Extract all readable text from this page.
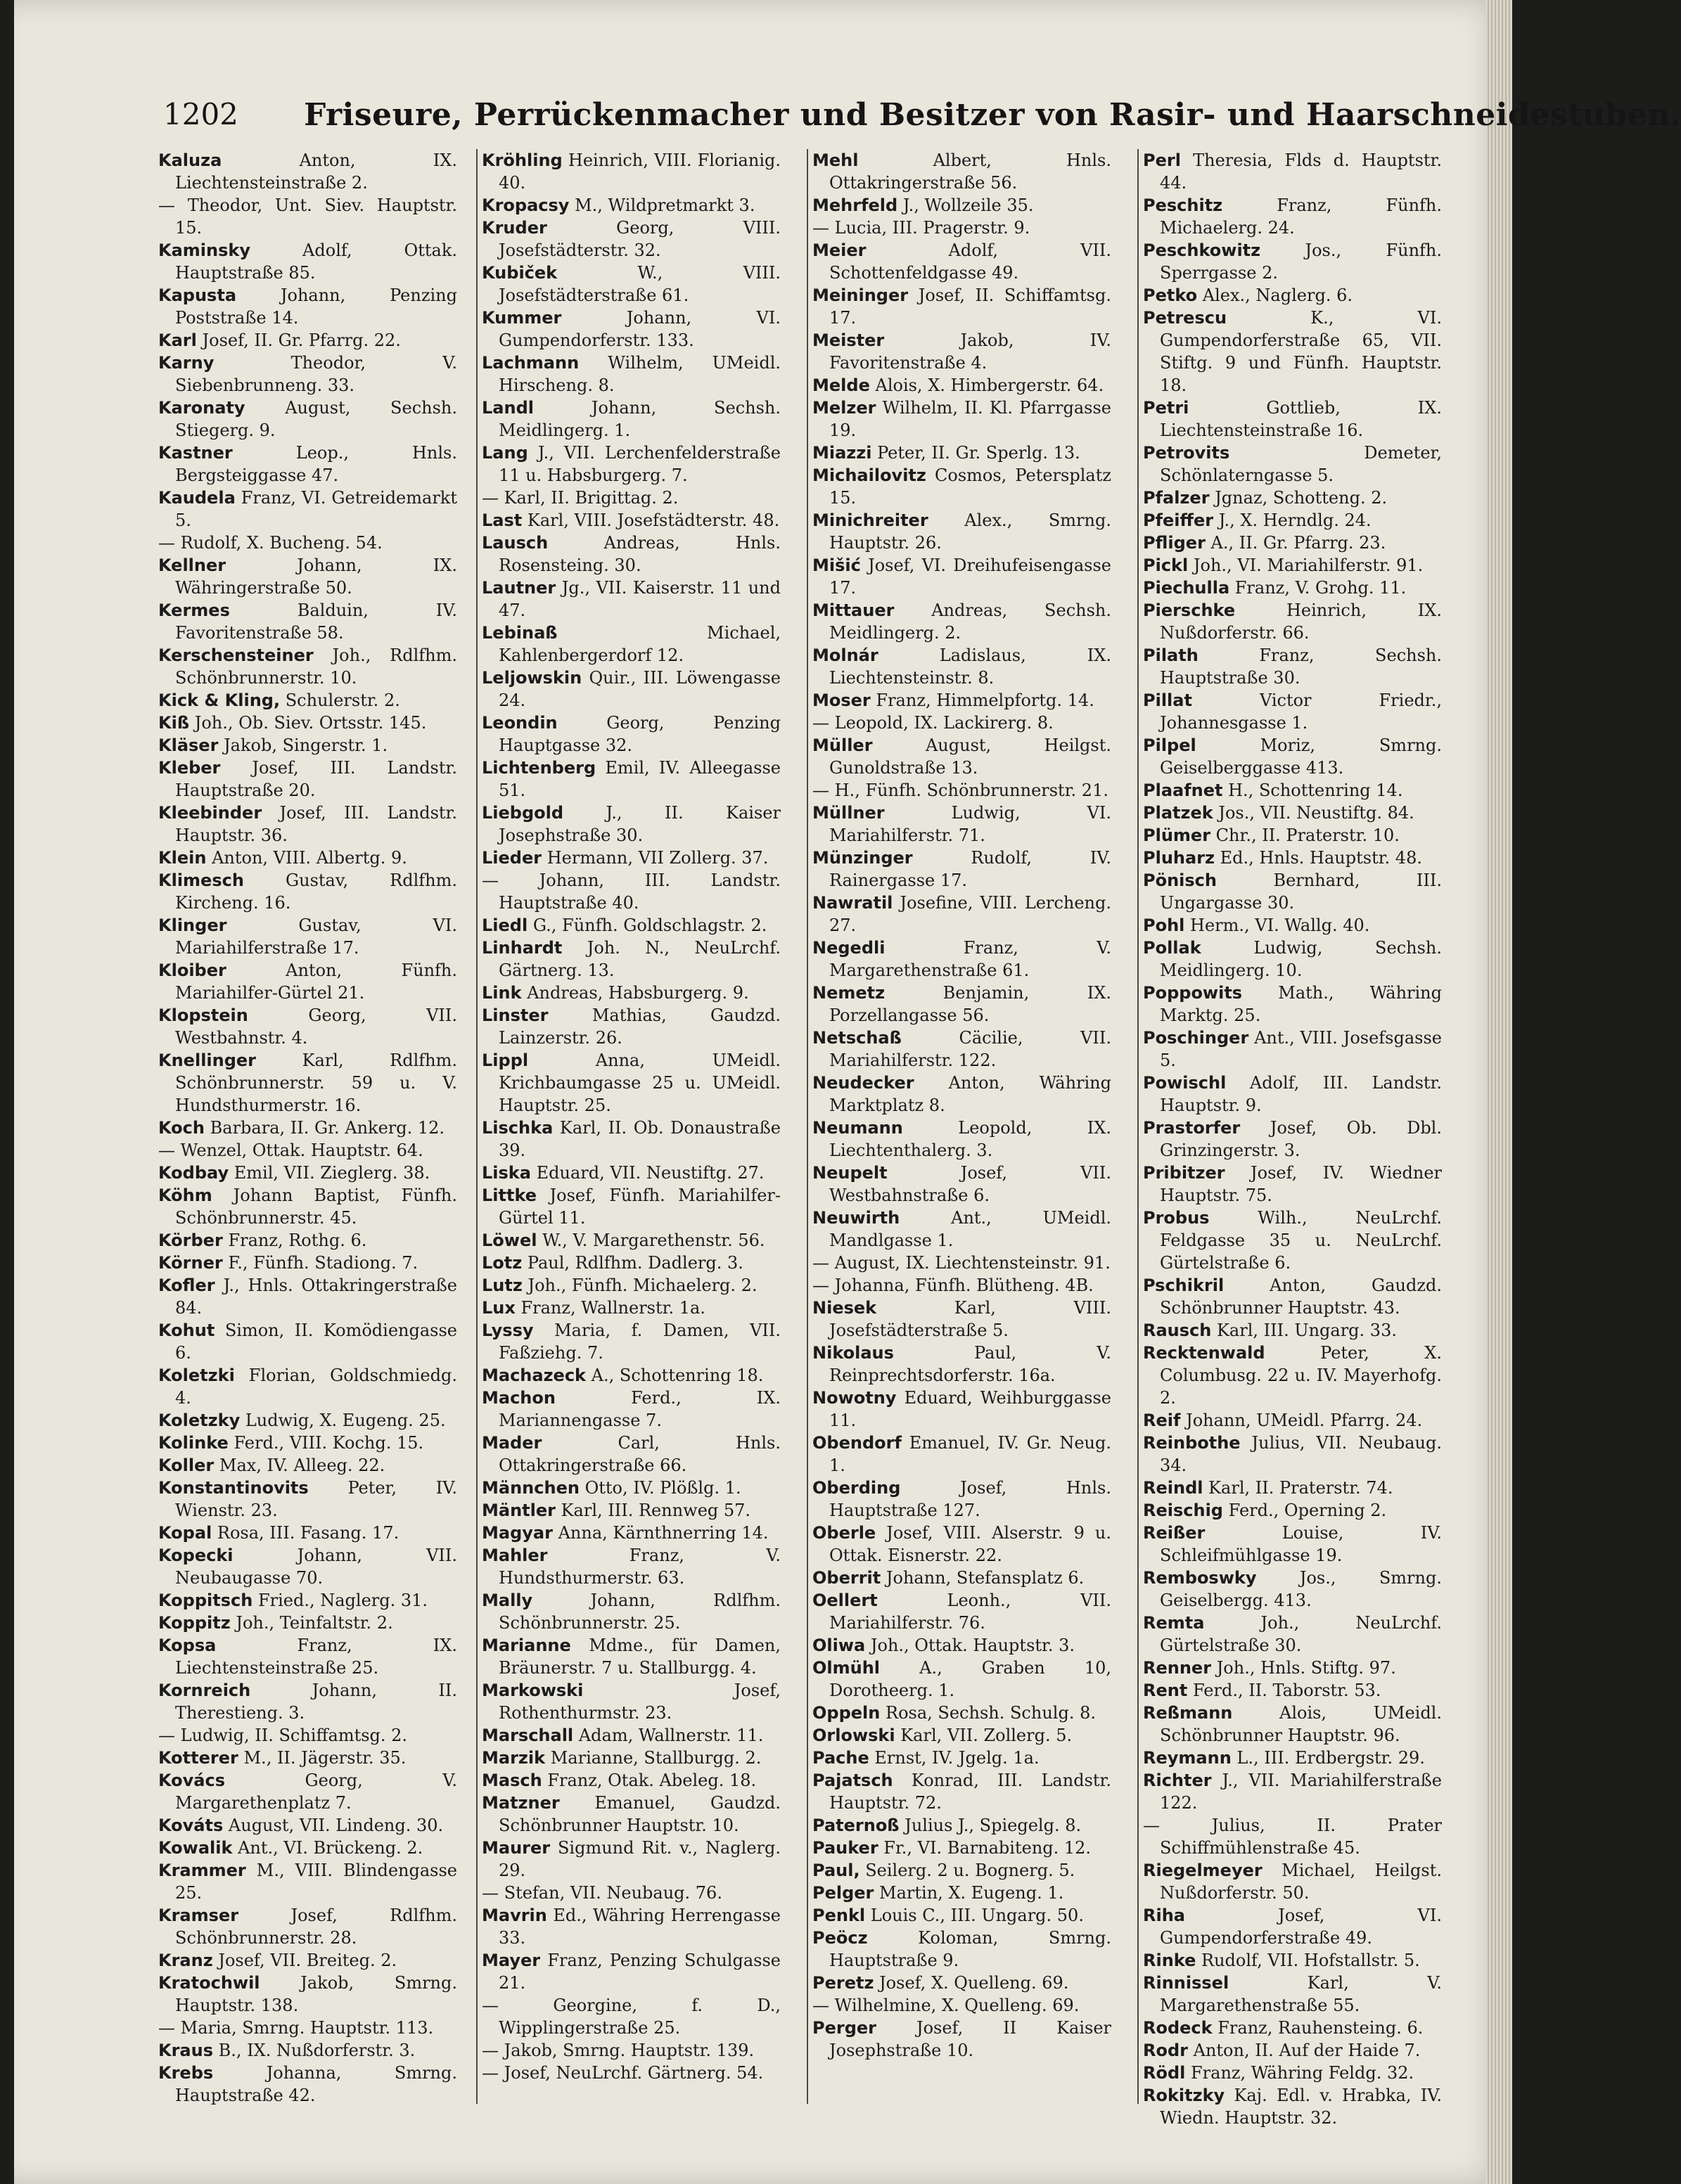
1202 Friseure, Perrückenmacher und Besitzer von Rasir- und Haarschneidestuben.
Kaluza	Anton, IX. Liechtensteinstraße 2.
— Theodor, Unt. Siev. Hauptstr. 15.
Kaminsky	Adolf, Ottak. Hauptstraße 85.
Kapusta	Johann, Penzing Poststraße 14.
Karl Josef, II. Gr. Pfarrg. 22.
Karny	Theodor, V. Siebenbrunneng. 33.
Karonaty August, Sechsh. Stiegerg. 9.
Kastner	Leop., Hnls. Bergsteiggasse 47.
Kaudela Franz, VI. Getreidemarkt 5.
— Rudolf, X. Bucheng. 54.
Kellner	Johann, IX. Währingerstraße 50.
Kermes	Balduin, IV. Favoritenstraße 58.
Kerschensteiner Joh., Rdlfhm. Schönbrunnerstr. 10.
Kick & Kling, Schulerstr. 2.
Kiß Joh., Ob. Siev. Ortsstr. 145.
Kläser Jakob, Singerstr. 1.
Kleber Josef, III. Landstr. Hauptstraße 20.
Kleebinder Josef, III. Landstr. Hauptstr. 36.
Klein Anton, VIII. Albertg. 9.
Klimesch Gustav, Rdlfhm. Kircheng. 16.
Klinger	Gustav, VI. Mariahilferstraße 17.
Kloiber	Anton, Fünfh. Mariahilfer-Gürtel 21.
Klopstein	Georg, VII. Westbahnstr. 4.
Knellinger	Karl, Rdlfhm. Schönbrunnerstr. 59 u. V. Hundsthurmerstr. 16.
Koch Barbara, II. Gr. Ankerg. 12.
— Wenzel, Ottak. Hauptstr. 64.
Kodbay Emil, VII. Zieglerg. 38.
Köhm Johann Baptist, Fünfh. Schönbrunnerstr. 45.
Körber Franz, Rothg. 6.
Körner F., Fünfh. Stadiong. 7.
Kofler J., Hnls. Ottakringerstraße 84.
Kohut Simon, II. Komödiengasse 6.
Koletzki Florian, Goldschmiedg. 4.
Koletzky Ludwig, X. Eugeng. 25.
Kolinke Ferd., VIII. Kochg. 15.
Koller Max, IV. Alleeg. 22.
Konstantinovits Peter, IV. Wienstr. 23.
Kopal Rosa, III. Fasang. 17.
Kopecki	Johann, VII. Neubaugasse 70.
Koppitsch Fried., Naglerg. 31.
Koppitz Joh., Teinfaltstr. 2.
Kopsa	Franz, IX. Liechtensteinstraße 25.
Kornreich	Johann, II. Therestieng. 3.
— Ludwig, II. Schiffamtsg. 2.
Kotterer M., II. Jägerstr. 35.
Kovács	Georg, V. Margarethenplatz 7.
Kováts August, VII. Lindeng. 30.
Kowalik Ant., VI. Brückeng. 2.
Krammer M., VIII. Blindengasse 25.
Kramser	Josef, Rdlfhm. Schönbrunnerstr. 28.
Kranz Josef, VII. Breiteg. 2.
Kratochwil Jakob, Smrng. Hauptstr. 138.
— Maria, Smrng. Hauptstr. 113.
Kraus B., IX. Nußdorferstr. 3.
Krebs	Johanna, Smrng. Hauptstraße 42.
Kröhling Heinrich, VIII. Florianig. 40.
Kropacsy M., Wildpretmarkt 3.
Kruder	Georg, VIII. Josefstädterstr. 32.
Kubiček	W., VIII. Josefstädterstraße 61.
Kummer	Johann, VI. Gumpendorferstr. 133.
Lachmann Wilhelm, UMeidl. Hirscheng. 8.
Landl	Johann, Sechsh. Meidlingerg. 1.
Lang J., VII. Lerchenfelderstraße 11 u. Habsburgerg. 7.
— Karl, II. Brigittag. 2.
Last Karl, VIII. Josefstädterstr. 48.
Lausch	Andreas, Hnls. Rosensteing. 30.
Lautner Jg., VII. Kaiserstr. 11 und 47.
Lebinaß	Michael, Kahlenbergerdorf 12.
Leljowskin Quir., III. Löwengasse 24.
Leondin	Georg, Penzing Hauptgasse 32.
Lichtenberg Emil, IV. Alleegasse 51.
Liebgold	J., II. Kaiser Josephstraße 30.
Lieder Hermann, VII Zollerg. 37.
— Johann, III. Landstr. Hauptstraße 40.
Liedl G., Fünfh. Goldschlagstr. 2.
Linhardt Joh. N., NeuLrchf. Gärtnerg. 13.
Link Andreas, Habsburgerg. 9.
Linster	Mathias, Gaudzd. Lainzerstr. 26.
Lippl	Anna, UMeidl. Krichbaumgasse 25 u. UMeidl. Hauptstr. 25.
Lischka Karl, II. Ob. Donaustraße 39.
Liska Eduard, VII. Neustiftg. 27.
Littke Josef, Fünfh. Mariahilfer-Gürtel 11.
Löwel W., V. Margarethenstr. 56.
Lotz Paul, Rdlfhm. Dadlerg. 3.
Lutz Joh., Fünfh. Michaelerg. 2.
Lux Franz, Wallnerstr. 1a.
Lyssy Maria, f. Damen, VII. Faßziehg. 7.
Machazeck A., Schottenring 18.
Machon	Ferd., IX. Mariannengasse 7.
Mader	Carl, Hnls. Ottakringerstraße 66.
Männchen Otto, IV. Plößlg. 1.
Mäntler Karl, III. Rennweg 57.
Magyar Anna, Kärnthnerring 14.
Mahler	Franz, V. Hundsthurmerstr. 63.
Mally	Johann, Rdlfhm. Schönbrunnerstr. 25.
Marianne Mdme., für Damen, Bräunerstr. 7 u. Stallburgg. 4.
Markowski	Josef, Rothenthurmstr. 23.
Marschall Adam, Wallnerstr. 11.
Marzik Marianne, Stallburgg. 2.
Masch Franz, Otak. Abeleg. 18.
Matzner Emanuel, Gaudzd. Schönbrunner Hauptstr. 10.
Maurer Sigmund Rit. v., Naglerg. 29.
— Stefan, VII. Neubaug. 76.
Mavrin Ed., Währing Herrengasse 33.
Mayer Franz, Penzing Schulgasse 21.
— Georgine, f. D., Wipplingerstraße 25.
— Jakob, Smrng. Hauptstr. 139.
— Josef, NeuLrchf. Gärtnerg. 54.
Mehl	Albert, Hnls. Ottakringerstraße 56.
Mehrfeld J., Wollzeile 35.
— Lucia, III. Pragerstr. 9.
Meier	Adolf, VII. Schottenfeldgasse 49.
Meininger Josef, II. Schiffamtsg. 17.
Meister	Jakob, IV. Favoritenstraße 4.
Melde Alois, X. Himbergerstr. 64.
Melzer Wilhelm, II. Kl. Pfarrgasse 19.
Miazzi Peter, II. Gr. Sperlg. 13.
Michailovitz Cosmos, Petersplatz 15.
Minichreiter Alex., Smrng. Hauptstr. 26.
Mišić Josef, VI. Dreihufeisengasse 17.
Mittauer Andreas, Sechsh. Meidlingerg. 2.
Molnár	Ladislaus, IX. Liechtensteinstr. 8.
Moser Franz, Himmelpfortg. 14.
— Leopold, IX. Lackirerg. 8.
Müller	August, Heilgst. Gunoldstraße 13.
— H., Fünfh. Schönbrunnerstr. 21.
Müllner	Ludwig, VI. Mariahilferstr. 71.
Münzinger	Rudolf, IV. Rainergasse 17.
Nawratil Josefine, VIII. Lercheng. 27.
Negedli	Franz, V. Margarethenstraße 61.
Nemetz	Benjamin, IX. Porzellangasse 56.
Netschaß	Cäcilie, VII. Mariahilferstr. 122.
Neudecker Anton, Währing Marktplatz 8.
Neumann	Leopold, IX. Liechtenthalerg. 3.
Neupelt	Josef, VII. Westbahnstraße 6.
Neuwirth	Ant., UMeidl. Mandlgasse 1.
— August, IX. Liechtensteinstr. 91.
— Johanna, Fünfh. Blütheng. 4B.
Niesek	Karl, VIII. Josefstädterstraße 5.
Nikolaus	Paul, V. Reinprechtsdorferstr. 16a.
Nowotny Eduard, Weihburggasse 11.
Obendorf Emanuel, IV. Gr. Neug. 1.
Oberding	Josef, Hnls. Hauptstraße 127.
Oberle Josef, VIII. Alserstr. 9 u. Ottak. Eisnerstr. 22.
Oberrit Johann, Stefansplatz 6.
Oellert	Leonh., VII. Mariahilferstr. 76.
Oliwa Joh., Ottak. Hauptstr. 3.
Olmühl A., Graben 10, Dorotheerg. 1.
Oppeln Rosa, Sechsh. Schulg. 8.
Orlowski Karl, VII. Zollerg. 5.
Pache Ernst, IV. Jgelg. 1a.
Pajatsch Konrad, III. Landstr. Hauptstr. 72.
Paternoß Julius J., Spiegelg. 8.
Pauker Fr., VI. Barnabiteng. 12.
Paul, Seilerg. 2 u. Bognerg. 5.
Pelger Martin, X. Eugeng. 1.
Penkl Louis C., III. Ungarg. 50.
Peöcz	Koloman, Smrng. Hauptstraße 9.
Peretz Josef, X. Quelleng. 69.
— Wilhelmine, X. Quelleng. 69.
Perger Josef, II Kaiser Josephstraße 10.
Perl Theresia, Flds d. Hauptstr. 44.
Peschitz	Franz, Fünfh. Michaelerg. 24.
Peschkowitz	Jos., Fünfh. Sperrgasse 2.
Petko Alex., Naglerg. 6.
Petrescu	K., VI. Gumpendorferstraße 65, VII. Stiftg. 9 und Fünfh. Hauptstr. 18.
Petri	Gottlieb, IX. Liechtensteinstraße 16.
Petrovits	Demeter, Schönlaterngasse 5.
Pfalzer Jgnaz, Schotteng. 2.
Pfeiffer J., X. Herndlg. 24.
Pfliger A., II. Gr. Pfarrg. 23.
Pickl Joh., VI. Mariahilferstr. 91.
Piechulla Franz, V. Grohg. 11.
Pierschke	Heinrich, IX. Nußdorferstr. 66.
Pilath	Franz, Sechsh. Hauptstraße 30.
Pillat	Victor Friedr., Johannesgasse 1.
Pilpel	Moriz, Smrng. Geiselberggasse 413.
Plaafnet H., Schottenring 14.
Platzek Jos., VII. Neustiftg. 84.
Plümer Chr., II. Praterstr. 10.
Pluharz Ed., Hnls. Hauptstr. 48.
Pönisch	Bernhard, III. Ungargasse 30.
Pohl Herm., VI. Wallg. 40.
Pollak	Ludwig, Sechsh. Meidlingerg. 10.
Poppowits Math., Währing Marktg. 25.
Poschinger Ant., VIII. Josefsgasse 5.
Powischl Adolf, III. Landstr. Hauptstr. 9.
Prastorfer Josef, Ob. Dbl. Grinzingerstr. 3.
Pribitzer Josef, IV. Wiedner Hauptstr. 75.
Probus	Wilh., NeuLrchf. Feldgasse 35 u. NeuLrchf. Gürtelstraße 6.
Pschikril	Anton, Gaudzd. Schönbrunner Hauptstr. 43.
Rausch Karl, III. Ungarg. 33.
Recktenwald	Peter, X. Columbusg. 22 u. IV. Mayerhofg. 2.
Reif Johann, UMeidl. Pfarrg. 24.
Reinbothe Julius, VII. Neubaug. 34.
Reindl Karl, II. Praterstr. 74.
Reischig Ferd., Operning 2.
Reißer	Louise, IV. Schleifmühlgasse 19.
Remboswky	Jos., Smrng. Geiselbergg. 413.
Remta	Joh., NeuLrchf. Gürtelstraße 30.
Renner Joh., Hnls. Stiftg. 97.
Rent Ferd., II. Taborstr. 53.
Reßmann	Alois, UMeidl. Schönbrunner Hauptstr. 96.
Reymann L., III. Erdbergstr. 29.
Richter J., VII. Mariahilferstraße 122.
— Julius, II. Prater Schiffmühlenstraße 45.
Riegelmeyer Michael, Heilgst. Nußdorferstr. 50.
Riha	Josef, VI. Gumpendorferstraße 49.
Rinke Rudolf, VII. Hofstallstr. 5.
Rinnissel	Karl, V. Margarethenstraße 55.
Rodeck Franz, Rauhensteing. 6.
Rodr Anton, II. Auf der Haide 7.
Rödl Franz, Währing Feldg. 32.
Rokitzky Kaj. Edl. v. Hrabka, IV. Wiedn. Hauptstr. 32.
